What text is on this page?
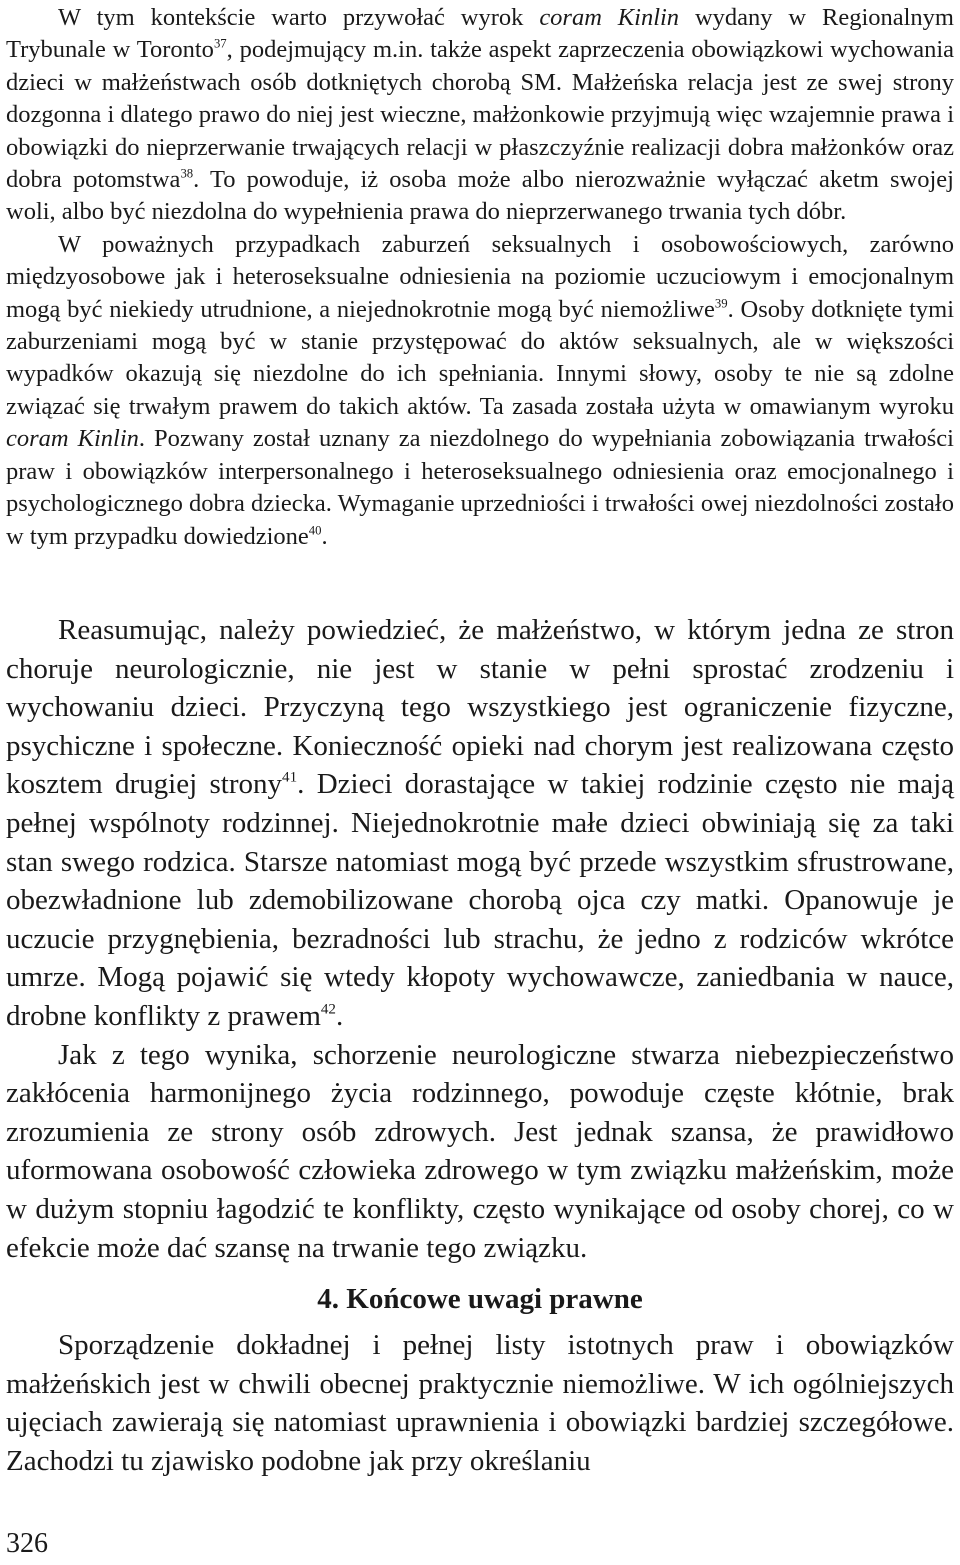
W tym kontekście warto przywołać wyrok coram Kinlin wydany w Regionalnym Trybunale w Toronto$^{37}$, podejmujący m.in. także aspekt zaprzeczenia obowiązkowi wychowania dzieci w małżeństwach osób dotkniętych chorobą SM. Małżeńska relacja jest ze swej strony dozgonna i dlatego prawo do niej jest wieczne, małżonkowie przyjmują więc wzajemnie prawa i obowiązki do nieprzerwanie trwających relacji w płaszczyźnie realizacji dobra małżonków oraz dobra potomstwa$^{38}$. To powoduje, iż osoba może albo nierozważnie wyłączać aketm swojej woli, albo być niezdolna do wypełnienia prawa do nieprzerwanego trwania tych dóbr.

W poważnych przypadkach zaburzeń seksualnych i osobowościowych, zarówno międzyosobowe jak i heteroseksualne odniesienia na poziomie uczuciowym i emocjonalnym mogą być niekiedy utrudnione, a niejednokrotnie mogą być niemożliwe$^{39}$. Osoby dotknięte tymi zaburzeniami mogą być w stanie przystępować do aktów seksualnych, ale w większości wypadków okazują się niezdolne do ich spełniania. Innymi słowy, osoby te nie są zdolne związać się trwałym prawem do takich aktów. Ta zasada została użyta w omawianym wyroku coram Kinlin. Pozwany został uznany za niezdolnego do wypełniania zobowiązania trwałości praw i obowiązków interpersonalnego i heteroseksualnego odniesienia oraz emocjonalnego i psychologicznego dobra dziecka. Wymaganie uprzedniości i trwałości owej niezdolności zostało w tym przypadku dowiedzione$^{40}$.

Reasumując, należy powiedzieć, że małżeństwo, w którym jedna ze stron choruje neurologicznie, nie jest w stanie w pełni sprostać zrodzeniu i wychowaniu dzieci. Przyczyną tego wszystkiego jest ograniczenie fizyczne, psychiczne i społeczne. Konieczność opieki nad chorym jest realizowana często kosztem drugiej strony$^{41}$. Dzieci dorastające w takiej rodzinie często nie mają pełnej wspólnoty rodzinnej. Niejednokrotnie małe dzieci obwiniają się za taki stan swego rodzica. Starsze natomiast mogą być przede wszystkim sfrustrowane, obezwładnione lub zdemobilizowane chorobą ojca czy matki. Opanowuje je uczucie przygnębienia, bezradności lub strachu, że jedno z rodziców wkrótce umrze. Mogą pojawić się wtedy kłopoty wychowawcze, zaniedbania w nauce, drobne konflikty z prawem$^{42}$.

Jak z tego wynika, schorzenie neurologiczne stwarza niebezpieczeństwo zakłócenia harmonijnego życia rodzinnego, powoduje częste kłótnie, brak zrozumienia ze strony osób zdrowych. Jest jednak szansa, że prawidłowo uformowana osobowość człowieka zdrowego w tym związku małżeńskim, może w dużym stopniu łagodzić te konflikty, często wynikające od osoby chorej, co w efekcie może dać szansę na trwanie tego związku.

4. Końcowe uwagi prawne

Sporządzenie dokładnej i pełnej listy istotnych praw i obowiązków małżeńskich jest w chwili obecnej praktycznie niemożliwe. W ich ogólniejszych ujęciach zawierają się natomiast uprawnienia i obowiązki bardziej szczegółowe. Zachodzi tu zjawisko podobne jak przy określaniu

326
